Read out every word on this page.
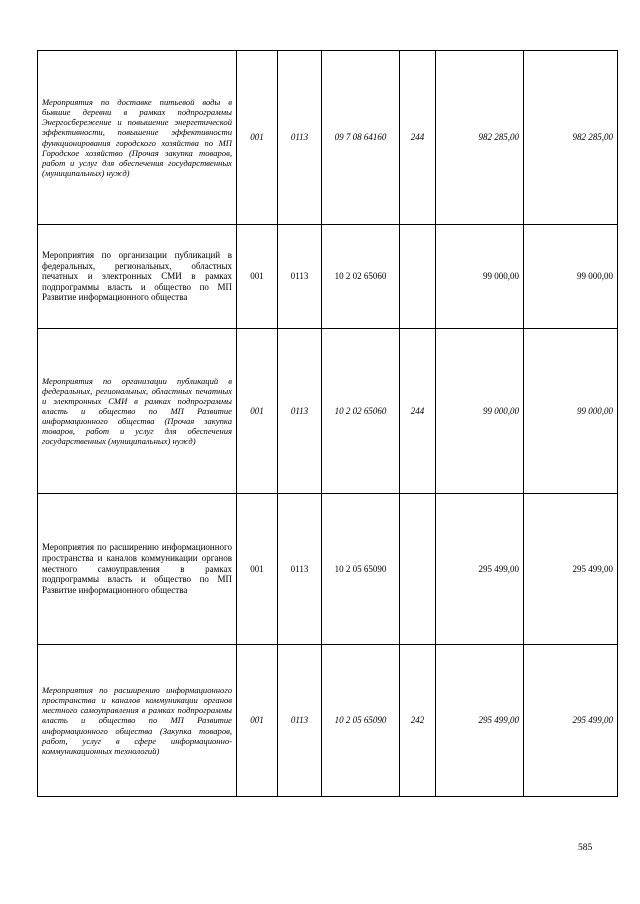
Мероприятия по доставке питьевой воды в бывшие деревни в рамках подпрограммы Энергосбережение и повышение энергетической эффективности, повышение эффективности функционирования городского хозяйства по МП Городское хозяйство (Прочая закупка товаров, работ и услуг для обеспечения государственных (муниципальных) нужд)	001	0113	09 7 08 64160	244	982 285,00	982 285,00
Мероприятия по организации публикаций в федеральных, региональных, областных печатных и электронных СМИ в рамках подпрограммы власть и общество по МП Развитие информационного общества	001	0113	10 2 02 65060		99 000,00	99 000,00
Мероприятия по организации публикаций в федеральных, региональных, областных печатных и электронных СМИ в рамках подпрограммы власть и общество по МП Развитие информационного общества (Прочая закупка товаров, работ и услуг для обеспечения государственных (муниципальных) нужд)	001	0113	10 2 02 65060	244	99 000,00	99 000,00
Мероприятия по расширению информационного пространства и каналов коммуникации органов местного самоуправления в рамках подпрограммы власть и общество по МП Развитие информационного общества	001	0113	10 2 05 65090		295 499,00	295 499,00
Мероприятия по расширению информационного пространства и каналов коммуникации органов местного самоуправления в рамках подпрограммы власть и общество по МП Развитие информационного общества (Закупка товаров, работ, услуг в сфере информационно-коммуникационных технологий)	001	0113	10 2 05 65090	242	295 499,00	295 499,00
585
